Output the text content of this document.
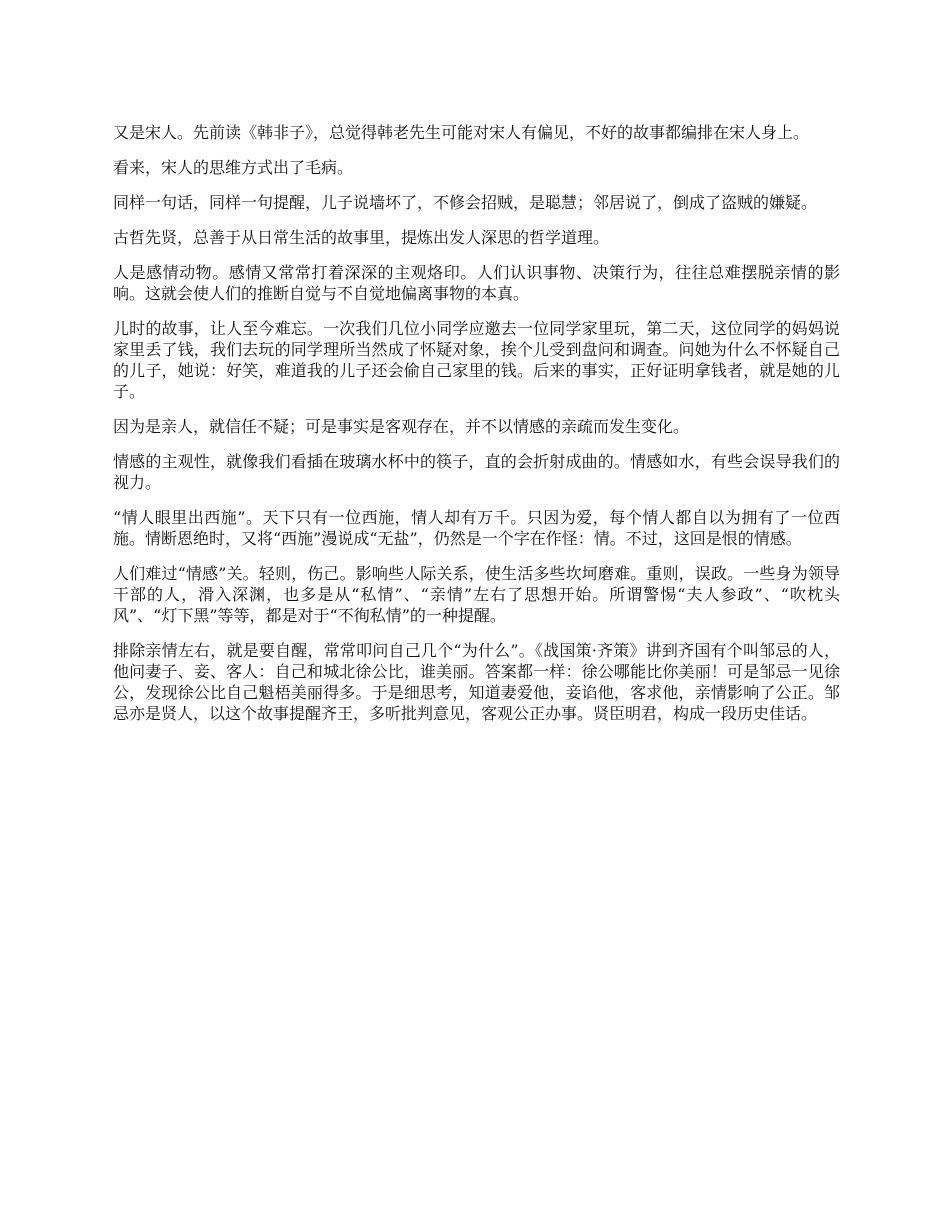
又是宋人。先前读《韩非子》，总觉得韩老先生可能对宋人有偏见，不好的故事都编排在宋人身上。

看来，宋人的思维方式出了毛病。

同样一句话，同样一句提醒，儿子说墙坏了，不修会招贼，是聪慧；邻居说了，倒成了盗贼的嫌疑。

古哲先贤，总善于从日常生活的故事里，提炼出发人深思的哲学道理。

人是感情动物。感情又常常打着深深的主观烙印。人们认识事物、决策行为，往往总难摆脱亲情的影响。这就会使人们的推断自觉与不自觉地偏离事物的本真。

儿时的故事，让人至今难忘。一次我们几位小同学应邀去一位同学家里玩，第二天，这位同学的妈妈说家里丢了钱，我们去玩的同学理所当然成了怀疑对象，挨个儿受到盘问和调查。问她为什么不怀疑自己的儿子，她说：好笑，难道我的儿子还会偷自己家里的钱。后来的事实，正好证明拿钱者，就是她的儿子。

因为是亲人，就信任不疑；可是事实是客观存在，并不以情感的亲疏而发生变化。

情感的主观性，就像我们看插在玻璃水杯中的筷子，直的会折射成曲的。情感如水，有些会误导我们的视力。

“情人眼里出西施”。天下只有一位西施，情人却有万千。只因为爱，每个情人都自以为拥有了一位西施。情断恩绝时，又将“西施”漫说成“无盐”，仍然是一个字在作怪：情。不过，这回是恨的情感。

人们难过“情感”关。轻则，伤己。影响些人际关系，使生活多些坎坷磨难。重则，误政。一些身为领导干部的人，滑入深渊，也多是从“私情”、“亲情”左右了思想开始。所谓警惕“夫人参政”、“吹枕头风”、“灯下黑”等等，都是对于“不徇私情”的一种提醒。

排除亲情左右，就是要自醒，常常叩问自己几个“为什么”。《战国策·齐策》讲到齐国有个叫邹忌的人，他问妻子、妾、客人：自己和城北徐公比，谁美丽。答案都一样：徐公哪能比你美丽！可是邹忌一见徐公，发现徐公比自己魁梧美丽得多。于是细思考，知道妻爱他，妾谄他，客求他，亲情影响了公正。邹忌亦是贤人，以这个故事提醒齐王，多听批判意见，客观公正办事。贤臣明君，构成一段历史佳话。
